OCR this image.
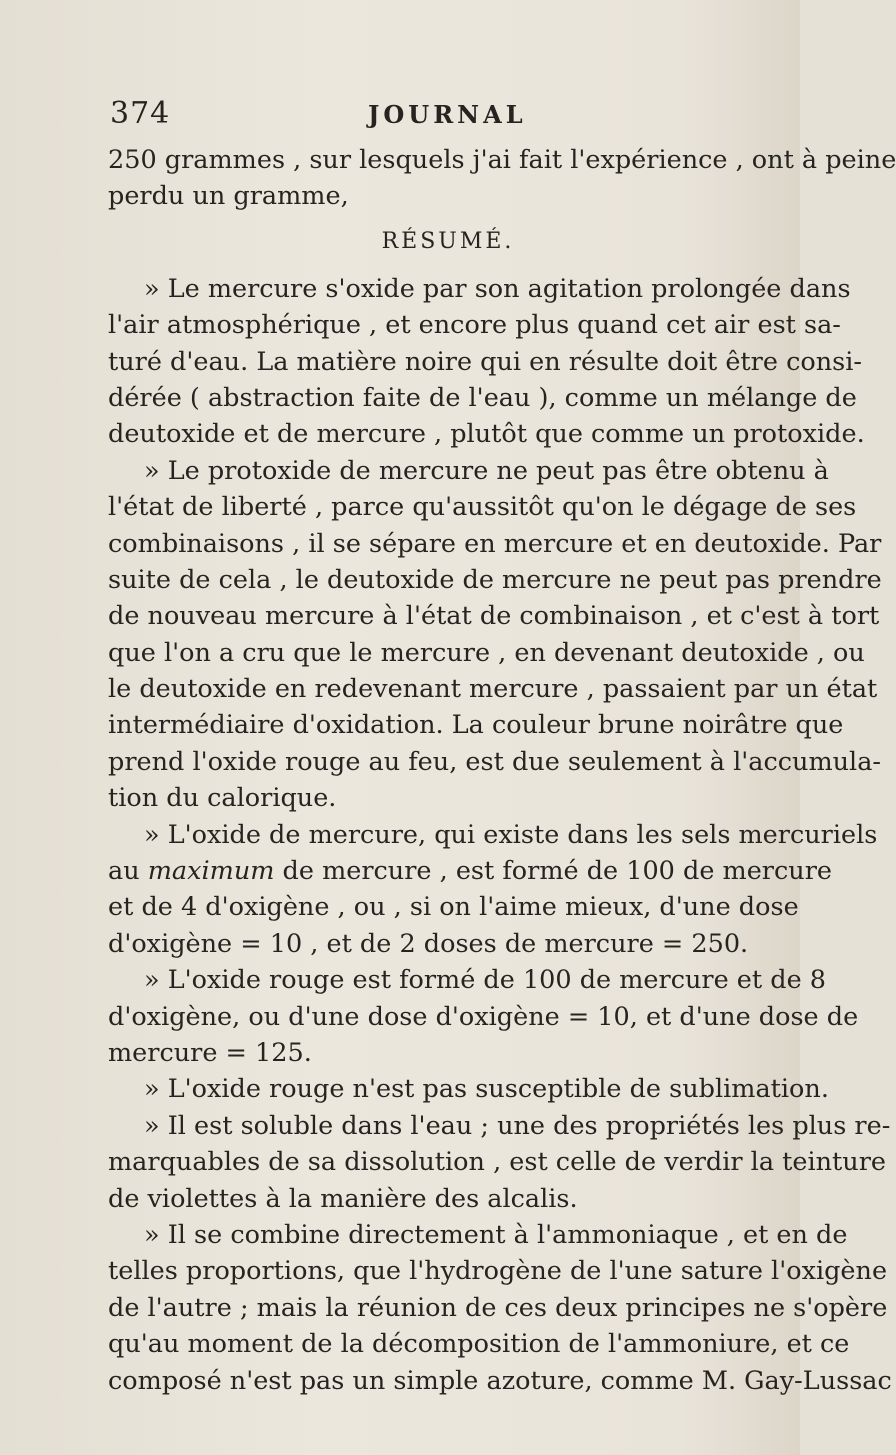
374	JOURNAL
250 grammes , sur lesquels j'ai fait l'expérience , ont à peine
perdu un gramme,
RÉSUMÉ.
» Le mercure s'oxide par son agitation prolongée dans
l'air atmosphérique , et encore plus quand cet air est sa-
turé d'eau. La matière noire qui en résulte doit être consi-
dérée ( abstraction faite de l'eau ), comme un mélange de
deutoxide et de mercure , plutôt que comme un protoxide.
» Le protoxide de mercure ne peut pas être obtenu à
l'état de liberté , parce qu'aussitôt qu'on le dégage de ses
combinaisons , il se sépare en mercure et en deutoxide. Par
suite de cela , le deutoxide de mercure ne peut pas prendre
de nouveau mercure à l'état de combinaison , et c'est à tort
que l'on a cru que le mercure , en devenant deutoxide , ou
le deutoxide en redevenant mercure , passaient par un état
intermédiaire d'oxidation. La couleur brune noirâtre que
prend l'oxide rouge au feu, est due seulement à l'accumula-
tion du calorique.
» L'oxide de mercure, qui existe dans les sels mercuriels
au maximum de mercure , est formé de 100 de mercure
et de 4 d'oxigène , ou , si on l'aime mieux, d'une dose
d'oxigène = 10 , et de 2 doses de mercure = 250.
» L'oxide rouge est formé de 100 de mercure et de 8
d'oxigène, ou d'une dose d'oxigène = 10, et d'une dose de
mercure = 125.
» L'oxide rouge n'est pas susceptible de sublimation.
» Il est soluble dans l'eau ; une des propriétés les plus re-
marquables de sa dissolution , est celle de verdir la teinture
de violettes à la manière des alcalis.
» Il se combine directement à l'ammoniaque , et en de
telles proportions, que l'hydrogène de l'une sature l'oxigène
de l'autre ; mais la réunion de ces deux principes ne s'opère
qu'au moment de la décomposition de l'ammoniure, et ce
composé n'est pas un simple azoture, comme M. Gay-Lussac
